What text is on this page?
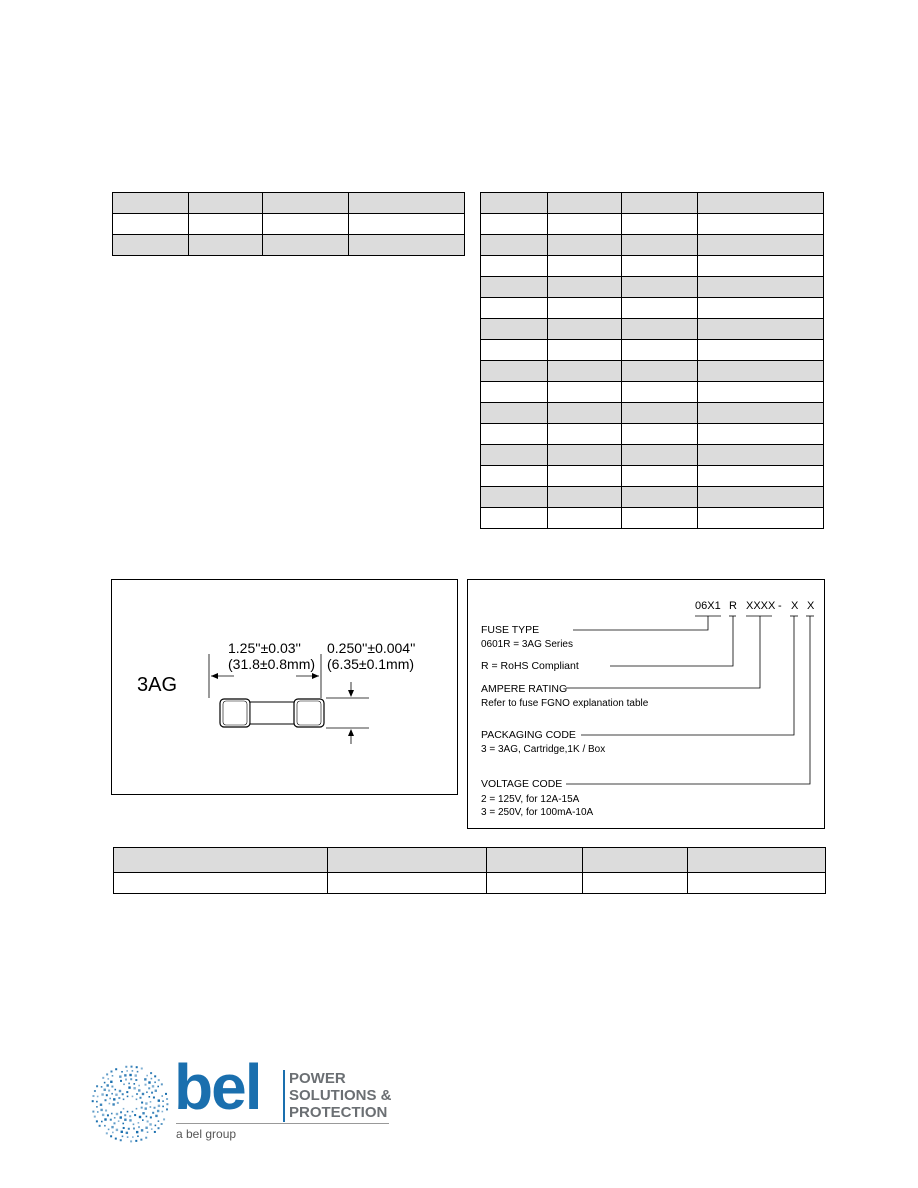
3AG
1.25''±0.03''
(31.8±0.8mm)
0.250''±0.004''
(6.35±0.1mm)
06X1 R XXXX - X X
FUSE TYPE
0601R = 3AG Series
R = RoHS Compliant
AMPERE RATING
Refer to fuse FGNO explanation table
PACKAGING CODE
3 = 3AG, Cartridge,1K / Box
VOLTAGE CODE
2 = 125V, for 12A-15A
3 = 250V, for 100mA-10A

bel POWER
SOLUTIONS &
PROTECTION
a bel group
